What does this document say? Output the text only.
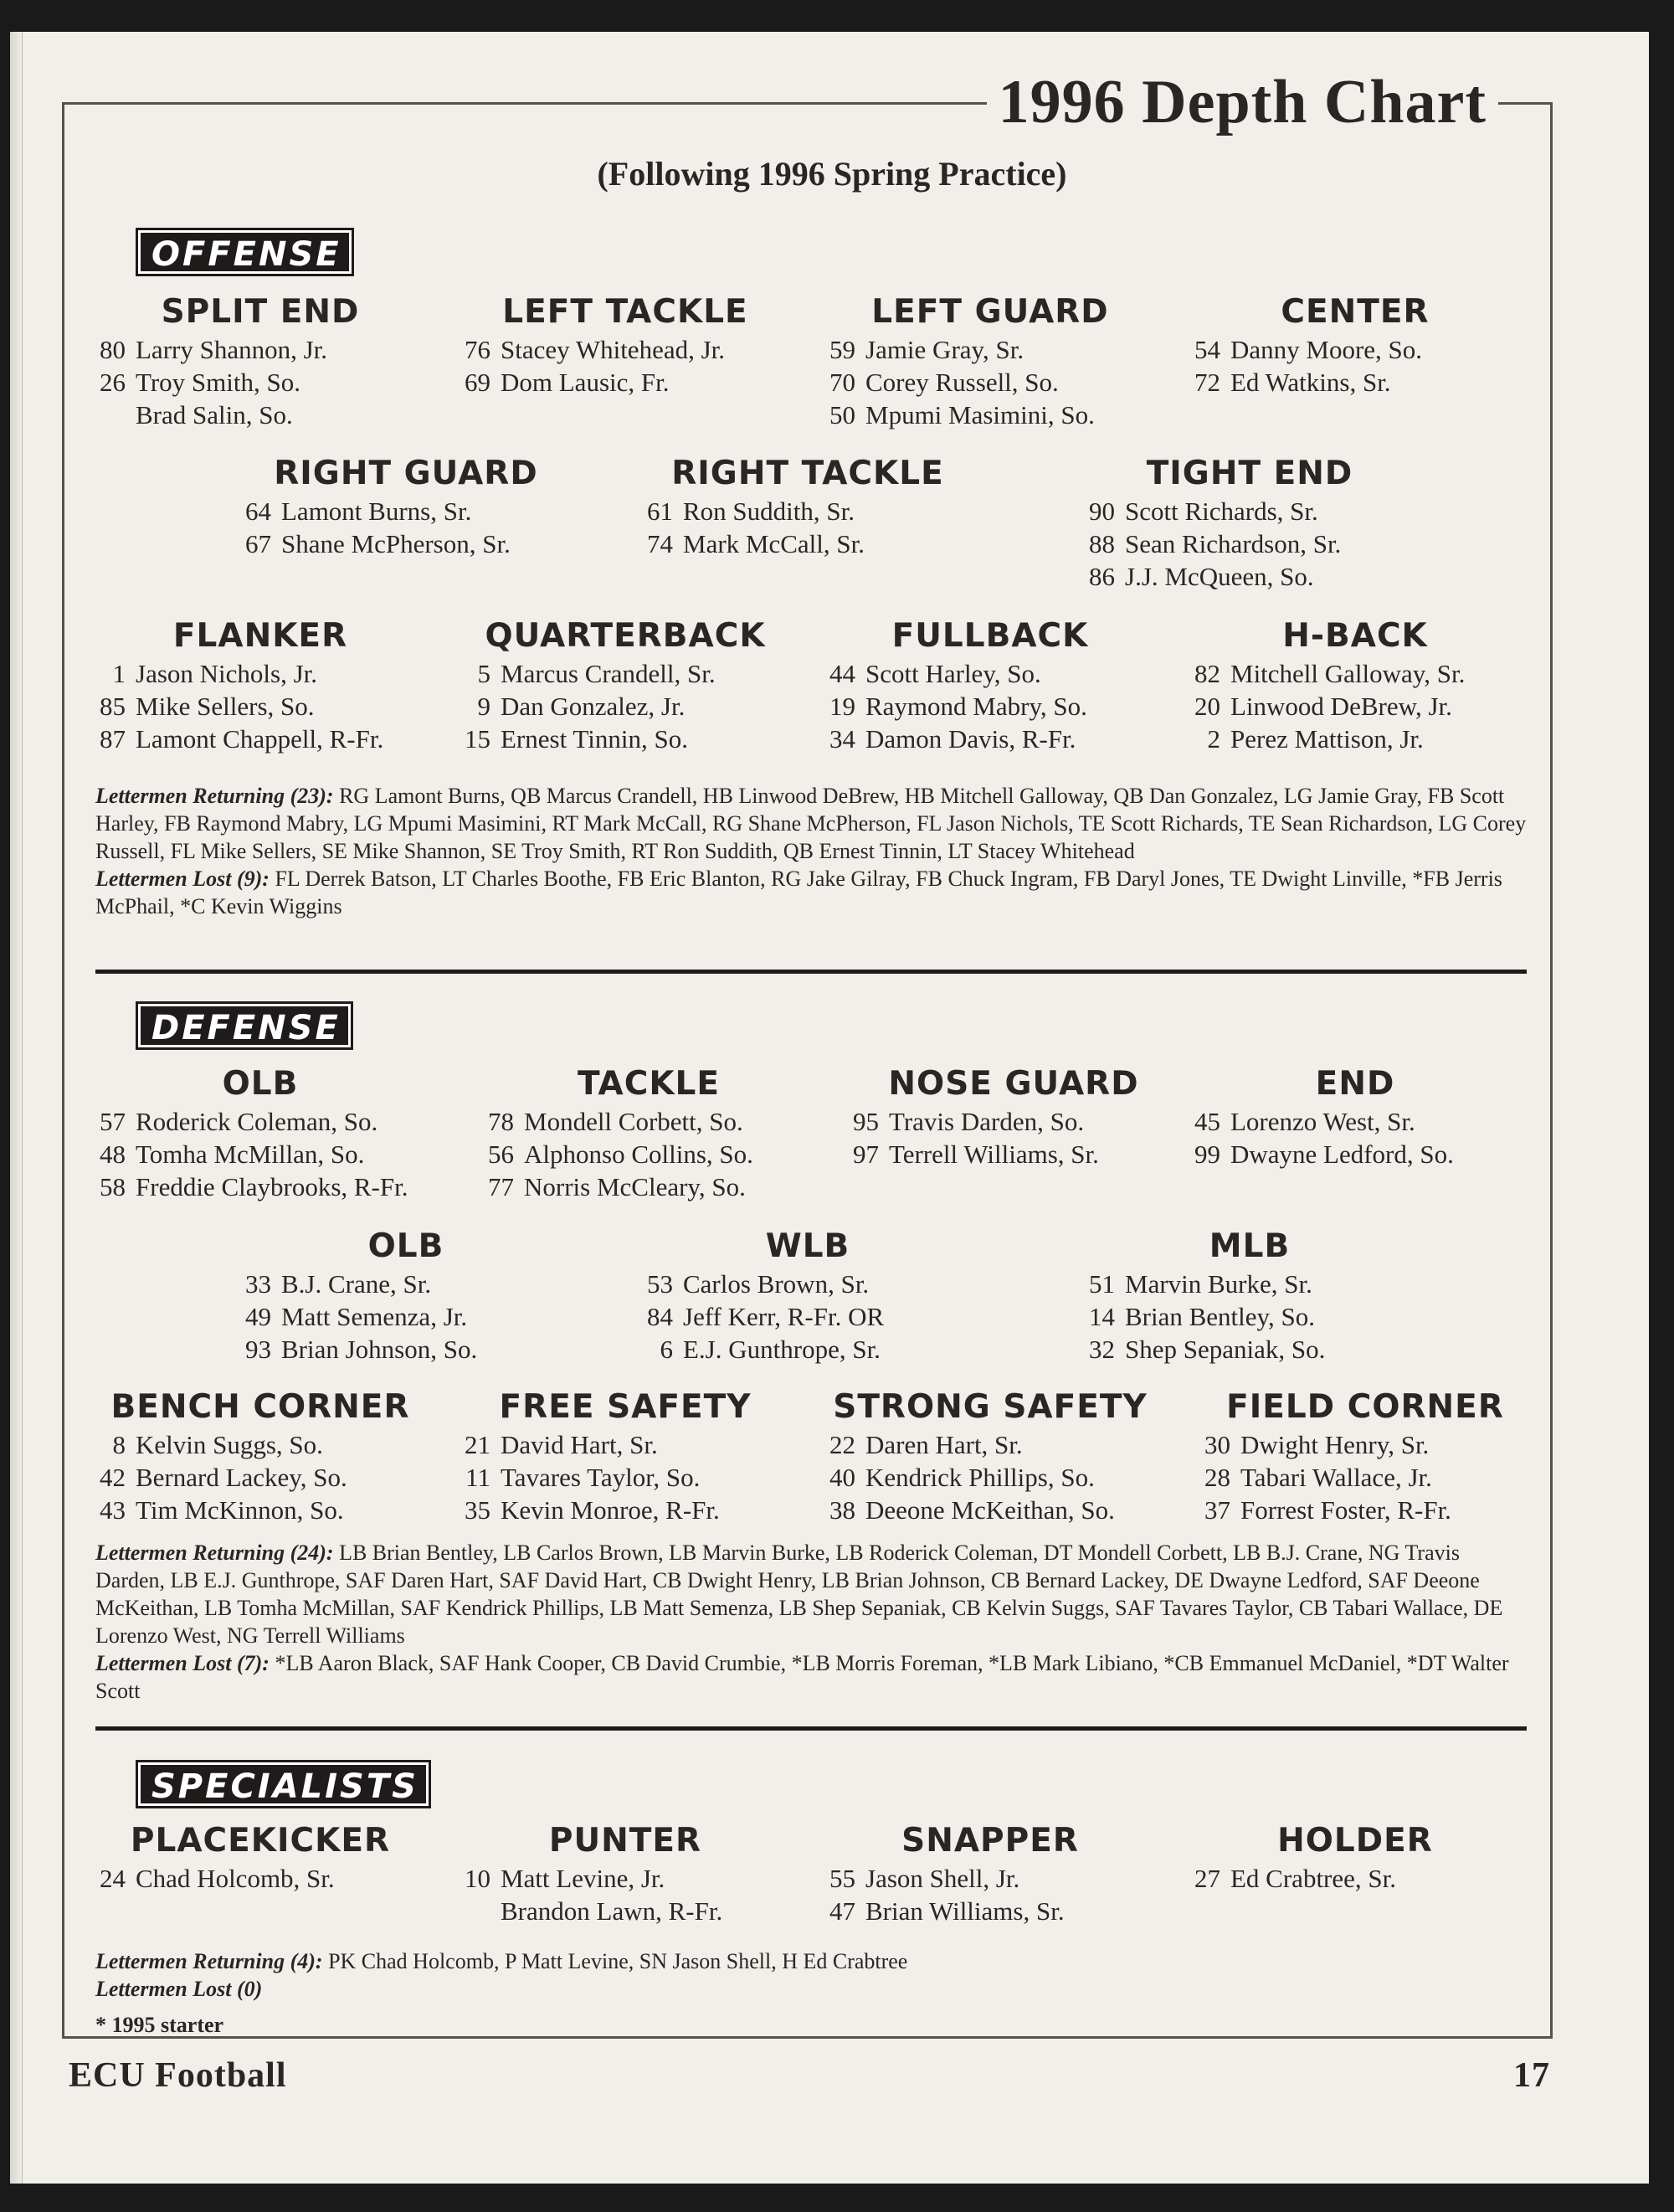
1996 Depth Chart
(Following 1996 Spring Practice)
OFFENSE
SPLIT END
80 Larry Shannon, Jr.
26 Troy Smith, So.
Brad Salin, So.
LEFT TACKLE
76 Stacey Whitehead, Jr.
69 Dom Lausic, Fr.
LEFT GUARD
59 Jamie Gray, Sr.
70 Corey Russell, So.
50 Mpumi Masimini, So.
CENTER
54 Danny Moore, So.
72 Ed Watkins, Sr.
RIGHT GUARD
64 Lamont Burns, Sr.
67 Shane McPherson, Sr.
RIGHT TACKLE
61 Ron Suddith, Sr.
74 Mark McCall, Sr.
TIGHT END
90 Scott Richards, Sr.
88 Sean Richardson, Sr.
86 J.J. McQueen, So.
FLANKER
1 Jason Nichols, Jr.
85 Mike Sellers, So.
87 Lamont Chappell, R-Fr.
QUARTERBACK
5 Marcus Crandell, Sr.
9 Dan Gonzalez, Jr.
15 Ernest Tinnin, So.
FULLBACK
44 Scott Harley, So.
19 Raymond Mabry, So.
34 Damon Davis, R-Fr.
H-BACK
82 Mitchell Galloway, Sr.
20 Linwood DeBrew, Jr.
2 Perez Mattison, Jr.
Lettermen Returning (23): RG Lamont Burns, QB Marcus Crandell, HB Linwood DeBrew, HB Mitchell Galloway, QB Dan Gonzalez, LG Jamie Gray, FB Scott Harley, FB Raymond Mabry, LG Mpumi Masimini, RT Mark McCall, RG Shane McPherson, FL Jason Nichols, TE Scott Richards, TE Sean Richardson, LG Corey Russell, FL Mike Sellers, SE Mike Shannon, SE Troy Smith, RT Ron Suddith, QB Ernest Tinnin, LT Stacey Whitehead
Lettermen Lost (9): FL Derrek Batson, LT Charles Boothe, FB Eric Blanton, RG Jake Gilray, FB Chuck Ingram, FB Daryl Jones, TE Dwight Linville, *FB Jerris McPhail, *C Kevin Wiggins
DEFENSE
OLB
57 Roderick Coleman, So.
48 Tomha McMillan, So.
58 Freddie Claybrooks, R-Fr.
TACKLE
78 Mondell Corbett, So.
56 Alphonso Collins, So.
77 Norris McCleary, So.
NOSE GUARD
95 Travis Darden, So.
97 Terrell Williams, Sr.
END
45 Lorenzo West, Sr.
99 Dwayne Ledford, So.
OLB
33 B.J. Crane, Sr.
49 Matt Semenza, Jr.
93 Brian Johnson, So.
WLB
53 Carlos Brown, Sr.
84 Jeff Kerr, R-Fr. OR
6 E.J. Gunthrope, Sr.
MLB
51 Marvin Burke, Sr.
14 Brian Bentley, So.
32 Shep Sepaniak, So.
BENCH CORNER
8 Kelvin Suggs, So.
42 Bernard Lackey, So.
43 Tim McKinnon, So.
FREE SAFETY
21 David Hart, Sr.
11 Tavares Taylor, So.
35 Kevin Monroe, R-Fr.
STRONG SAFETY
22 Daren Hart, Sr.
40 Kendrick Phillips, So.
38 Deeone McKeithan, So.
FIELD CORNER
30 Dwight Henry, Sr.
28 Tabari Wallace, Jr.
37 Forrest Foster, R-Fr.
Lettermen Returning (24): LB Brian Bentley, LB Carlos Brown, LB Marvin Burke, LB Roderick Coleman, DT Mondell Corbett, LB B.J. Crane, NG Travis Darden, LB E.J. Gunthrope, SAF Daren Hart, SAF David Hart, CB Dwight Henry, LB Brian Johnson, CB Bernard Lackey, DE Dwayne Ledford, SAF Deeone McKeithan, LB Tomha McMillan, SAF Kendrick Phillips, LB Matt Semenza, LB Shep Sepaniak, CB Kelvin Suggs, SAF Tavares Taylor, CB Tabari Wallace, DE Lorenzo West, NG Terrell Williams
Lettermen Lost (7): *LB Aaron Black, SAF Hank Cooper, CB David Crumbie, *LB Morris Foreman, *LB Mark Libiano, *CB Emmanuel McDaniel, *DT Walter Scott
SPECIALISTS
PLACEKICKER
24 Chad Holcomb, Sr.
PUNTER
10 Matt Levine, Jr.
Brandon Lawn, R-Fr.
SNAPPER
55 Jason Shell, Jr.
47 Brian Williams, Sr.
HOLDER
27 Ed Crabtree, Sr.
Lettermen Returning (4): PK Chad Holcomb, P Matt Levine, SN Jason Shell, H Ed Crabtree
Lettermen Lost (0)
* 1995 starter
ECU Football	17
